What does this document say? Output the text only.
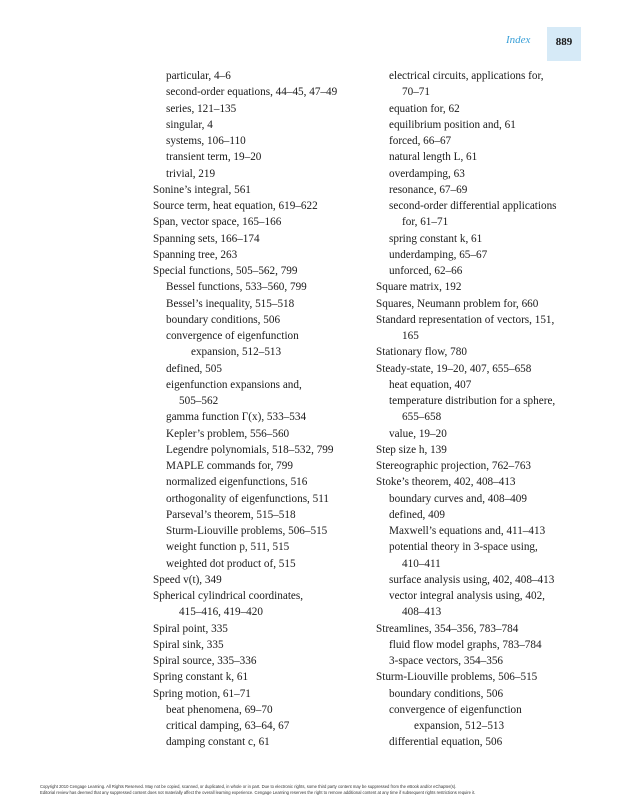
Index	889
particular, 4–6
second-order equations, 44–45, 47–49
series, 121–135
singular, 4
systems, 106–110
transient term, 19–20
trivial, 219
Sonine’s integral, 561
Source term, heat equation, 619–622
Span, vector space, 165–166
Spanning sets, 166–174
Spanning tree, 263
Special functions, 505–562, 799
Bessel functions, 533–560, 799
Bessel’s inequality, 515–518
boundary conditions, 506
convergence of eigenfunction
expansion, 512–513
defined, 505
eigenfunction expansions and,
505–562
gamma function Γ(x), 533–534
Kepler’s problem, 556–560
Legendre polynomials, 518–532, 799
MAPLE commands for, 799
normalized eigenfunctions, 516
orthogonality of eigenfunctions, 511
Parseval’s theorem, 515–518
Sturm-Liouville problems, 506–515
weight function p, 511, 515
weighted dot product of, 515
Speed v(t), 349
Spherical cylindrical coordinates,
415–416, 419–420
Spiral point, 335
Spiral sink, 335
Spiral source, 335–336
Spring constant k, 61
Spring motion, 61–71
beat phenomena, 69–70
critical damping, 63–64, 67
damping constant c, 61
electrical circuits, applications for,
70–71
equation for, 62
equilibrium position and, 61
forced, 66–67
natural length L, 61
overdamping, 63
resonance, 67–69
second-order differential applications
for, 61–71
spring constant k, 61
underdamping, 65–67
unforced, 62–66
Square matrix, 192
Squares, Neumann problem for, 660
Standard representation of vectors, 151,
165
Stationary flow, 780
Steady-state, 19–20, 407, 655–658
heat equation, 407
temperature distribution for a sphere,
655–658
value, 19–20
Step size h, 139
Stereographic projection, 762–763
Stoke’s theorem, 402, 408–413
boundary curves and, 408–409
defined, 409
Maxwell’s equations and, 411–413
potential theory in 3-space using,
410–411
surface analysis using, 402, 408–413
vector integral analysis using, 402,
408–413
Streamlines, 354–356, 783–784
fluid flow model graphs, 783–784
3-space vectors, 354–356
Sturm-Liouville problems, 506–515
boundary conditions, 506
convergence of eigenfunction
expansion, 512–513
differential equation, 506
Copyright 2010 Cengage Learning. All Rights Reserved. May not be copied, scanned, or duplicated, in whole or in part. Due to electronic rights, some third party content may be suppressed from the eBook and/or eChapter(s).
Editorial review has deemed that any suppressed content does not materially affect the overall learning experience. Cengage Learning reserves the right to remove additional content at any time if subsequent rights restrictions require it.
